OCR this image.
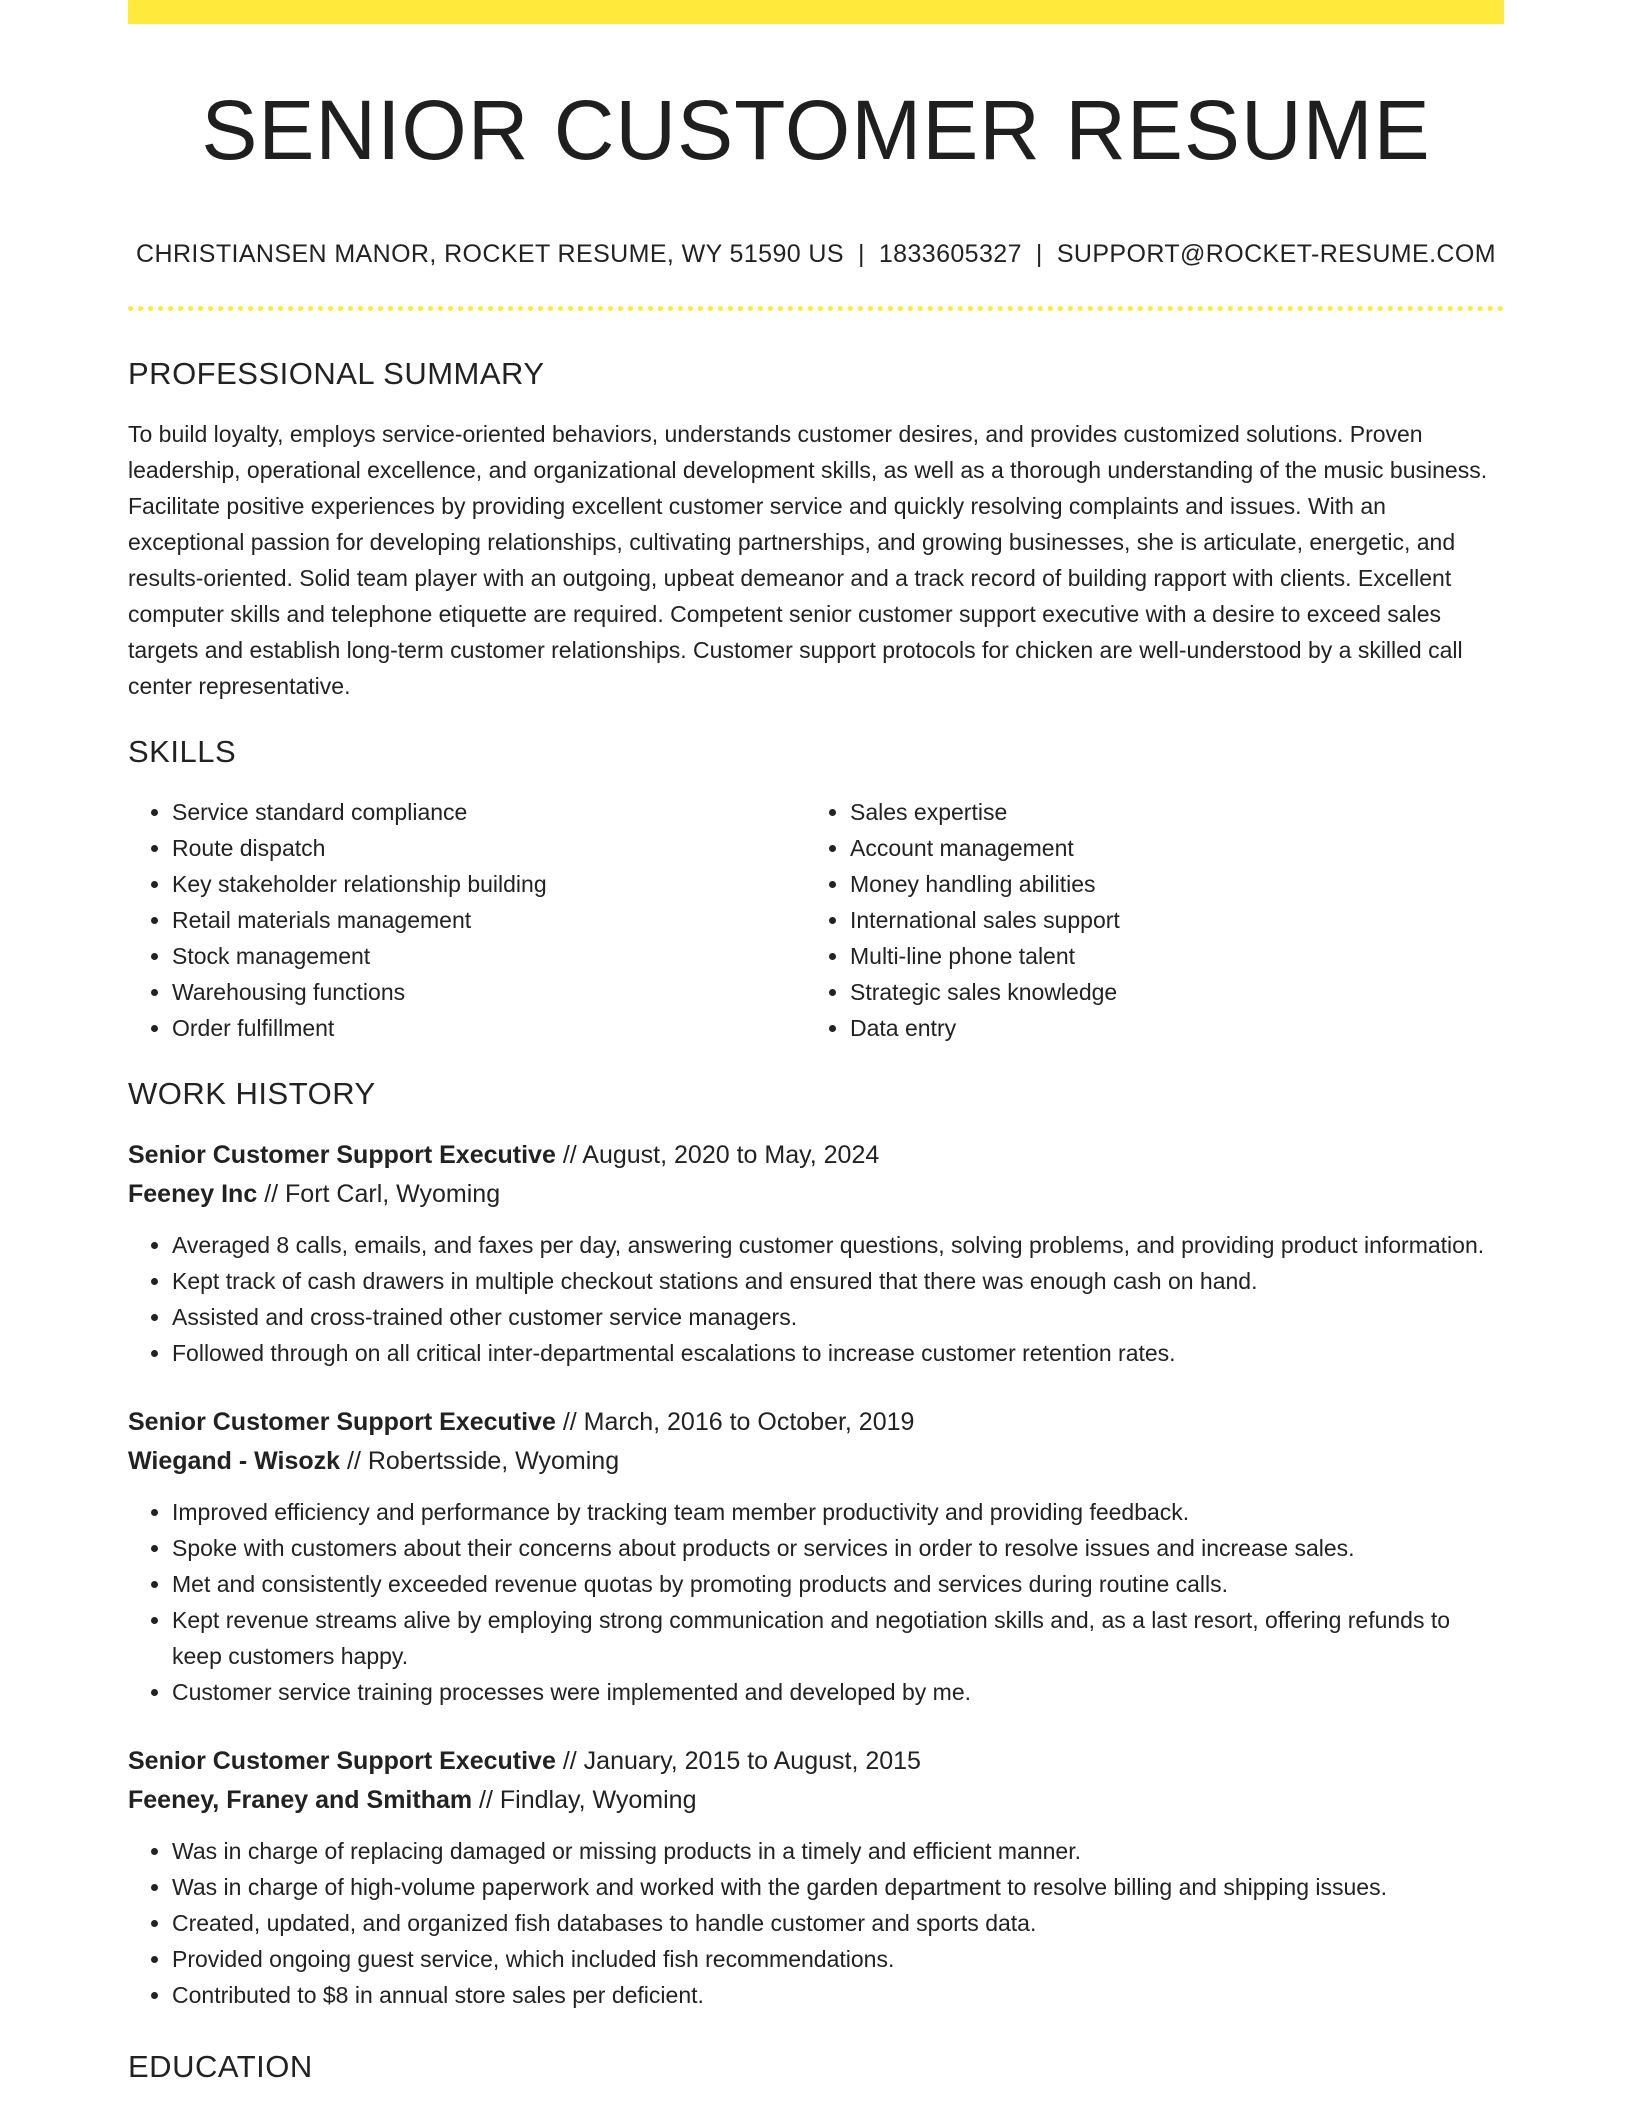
SENIOR CUSTOMER RESUME
CHRISTIANSEN MANOR, ROCKET RESUME, WY 51590 US | 1833605327 | SUPPORT@ROCKET-RESUME.COM
PROFESSIONAL SUMMARY

To build loyalty, employs service-oriented behaviors, understands customer desires, and provides customized solutions. Proven leadership, operational excellence, and organizational development skills, as well as a thorough understanding of the music business. Facilitate positive experiences by providing excellent customer service and quickly resolving complaints and issues. With an exceptional passion for developing relationships, cultivating partnerships, and growing businesses, she is articulate, energetic, and results-oriented. Solid team player with an outgoing, upbeat demeanor and a track record of building rapport with clients. Excellent computer skills and telephone etiquette are required. Competent senior customer support executive with a desire to exceed sales targets and establish long-term customer relationships. Customer support protocols for chicken are well-understood by a skilled call center representative.

SKILLS
• Service standard compliance
• Route dispatch
• Key stakeholder relationship building
• Retail materials management
• Stock management
• Warehousing functions
• Order fulfillment
• Sales expertise
• Account management
• Money handling abilities
• International sales support
• Multi-line phone talent
• Strategic sales knowledge
• Data entry
WORK HISTORY

Senior Customer Support Executive // August, 2020 to May, 2024

Feeney Inc // Fort Carl, Wyoming

• Averaged 8 calls, emails, and faxes per day, answering customer questions, solving problems, and providing product information.
• Kept track of cash drawers in multiple checkout stations and ensured that there was enough cash on hand.
• Assisted and cross-trained other customer service managers.
• Followed through on all critical inter-departmental escalations to increase customer retention rates.

Senior Customer Support Executive // March, 2016 to October, 2019

Wiegand - Wisozk // Robertsside, Wyoming

• Improved efficiency and performance by tracking team member productivity and providing feedback.
• Spoke with customers about their concerns about products or services in order to resolve issues and increase sales.
• Met and consistently exceeded revenue quotas by promoting products and services during routine calls.
• Kept revenue streams alive by employing strong communication and negotiation skills and, as a last resort, offering refunds to keep customers happy.
• Customer service training processes were implemented and developed by me.

Senior Customer Support Executive // January, 2015 to August, 2015

Feeney, Franey and Smitham // Findlay, Wyoming

• Was in charge of replacing damaged or missing products in a timely and efficient manner.
• Was in charge of high-volume paperwork and worked with the garden department to resolve billing and shipping issues.
• Created, updated, and organized fish databases to handle customer and sports data.
• Provided ongoing guest service, which included fish recommendations.
• Contributed to $8 in annual store sales per deficient.
EDUCATION
